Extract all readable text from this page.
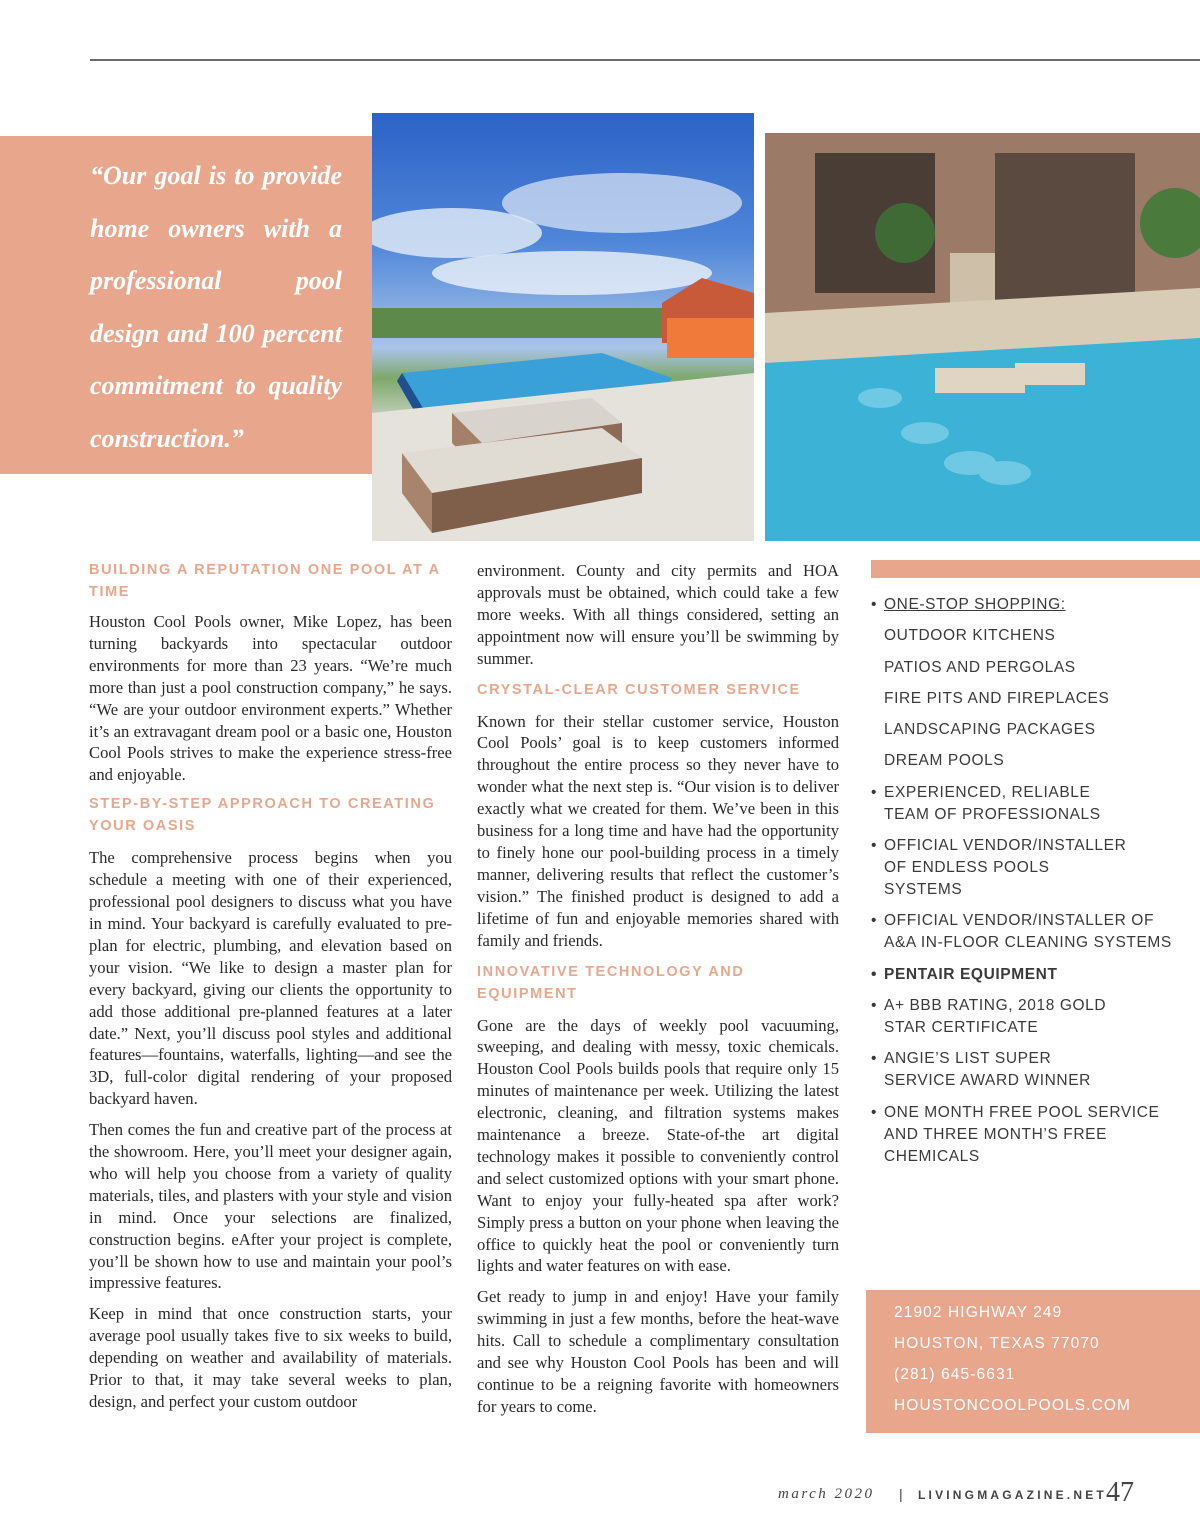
“Our goal is to provide home owners with a professional pool design and 100 percent commitment to quality construction.”
BUILDING A REPUTATION ONE POOL AT A TIME

Houston Cool Pools owner, Mike Lopez, has been turning backyards into spectacular outdoor environments for more than 23 years. “We’re much more than just a pool construction company,” he says. “We are your outdoor environment experts.” Whether it’s an extravagant dream pool or a basic one, Houston Cool Pools strives to make the experience stress-free and enjoyable.

STEP-BY-STEP APPROACH TO CREATING YOUR OASIS

The comprehensive process begins when you schedule a meeting with one of their experienced, professional pool designers to discuss what you have in mind. Your backyard is carefully evaluated to pre-plan for electric, plumbing, and elevation based on your vision. “We like to design a master plan for every backyard, giving our clients the opportunity to add those additional pre-planned features at a later date.” Next, you’ll discuss pool styles and additional features—fountains, waterfalls, lighting—and see the 3D, full-color digital rendering of your proposed backyard haven.

Then comes the fun and creative part of the process at the showroom. Here, you’ll meet your designer again, who will help you choose from a variety of quality materials, tiles, and plasters with your style and vision in mind. Once your selections are finalized, construction begins. eAfter your project is complete, you’ll be shown how to use and maintain your pool’s impressive features.

Keep in mind that once construction starts, your average pool usually takes five to six weeks to build, depending on weather and availability of materials. Prior to that, it may take several weeks to plan, design, and perfect your custom outdoor

environment. County and city permits and HOA approvals must be obtained, which could take a few more weeks. With all things considered, setting an appointment now will ensure you’ll be swimming by summer.

CRYSTAL-CLEAR CUSTOMER SERVICE

Known for their stellar customer service, Houston Cool Pools’ goal is to keep customers informed throughout the entire process so they never have to wonder what the next step is. “Our vision is to deliver exactly what we created for them. We’ve been in this business for a long time and have had the opportunity to finely hone our pool-building process in a timely manner, delivering results that reflect the customer’s vision.” The finished product is designed to add a lifetime of fun and enjoyable memories shared with family and friends.

INNOVATIVE TECHNOLOGY AND EQUIPMENT

Gone are the days of weekly pool vacuuming, sweeping, and dealing with messy, toxic chemicals. Houston Cool Pools builds pools that require only 15 minutes of maintenance per week. Utilizing the latest electronic, cleaning, and filtration systems makes maintenance a breeze. State-of-the art digital technology makes it possible to conveniently control and select customized options with your smart phone. Want to enjoy your fully-heated spa after work? Simply press a button on your phone when leaving the office to quickly heat the pool or conveniently turn lights and water features on with ease.

Get ready to jump in and enjoy! Have your family swimming in just a few months, before the heat-wave hits. Call to schedule a complimentary consultation and see why Houston Cool Pools has been and will continue to be a reigning favorite with homeowners for years to come.

• ONE-STOP SHOPPING:
OUTDOOR KITCHENS
PATIOS AND PERGOLAS
FIRE PITS AND FIREPLACES
LANDSCAPING PACKAGES
DREAM POOLS
• EXPERIENCED, RELIABLE TEAM OF PROFESSIONALS
• OFFICIAL VENDOR/INSTALLER OF ENDLESS POOLS SYSTEMS
• OFFICIAL VENDOR/INSTALLER OF A&A IN-FLOOR CLEANING SYSTEMS
• PENTAIR EQUIPMENT
• A+ BBB RATING, 2018 GOLD STAR CERTIFICATE
• ANGIE’S LIST SUPER SERVICE AWARD WINNER
• ONE MONTH FREE POOL SERVICE AND THREE MONTH’S FREE CHEMICALS
21902 HIGHWAY 249
HOUSTON, TEXAS 77070
(281) 645-6631
HOUSTONCOOLPOOLS.COM
march 2020 | LIVINGMAGAZINE.NET 47
